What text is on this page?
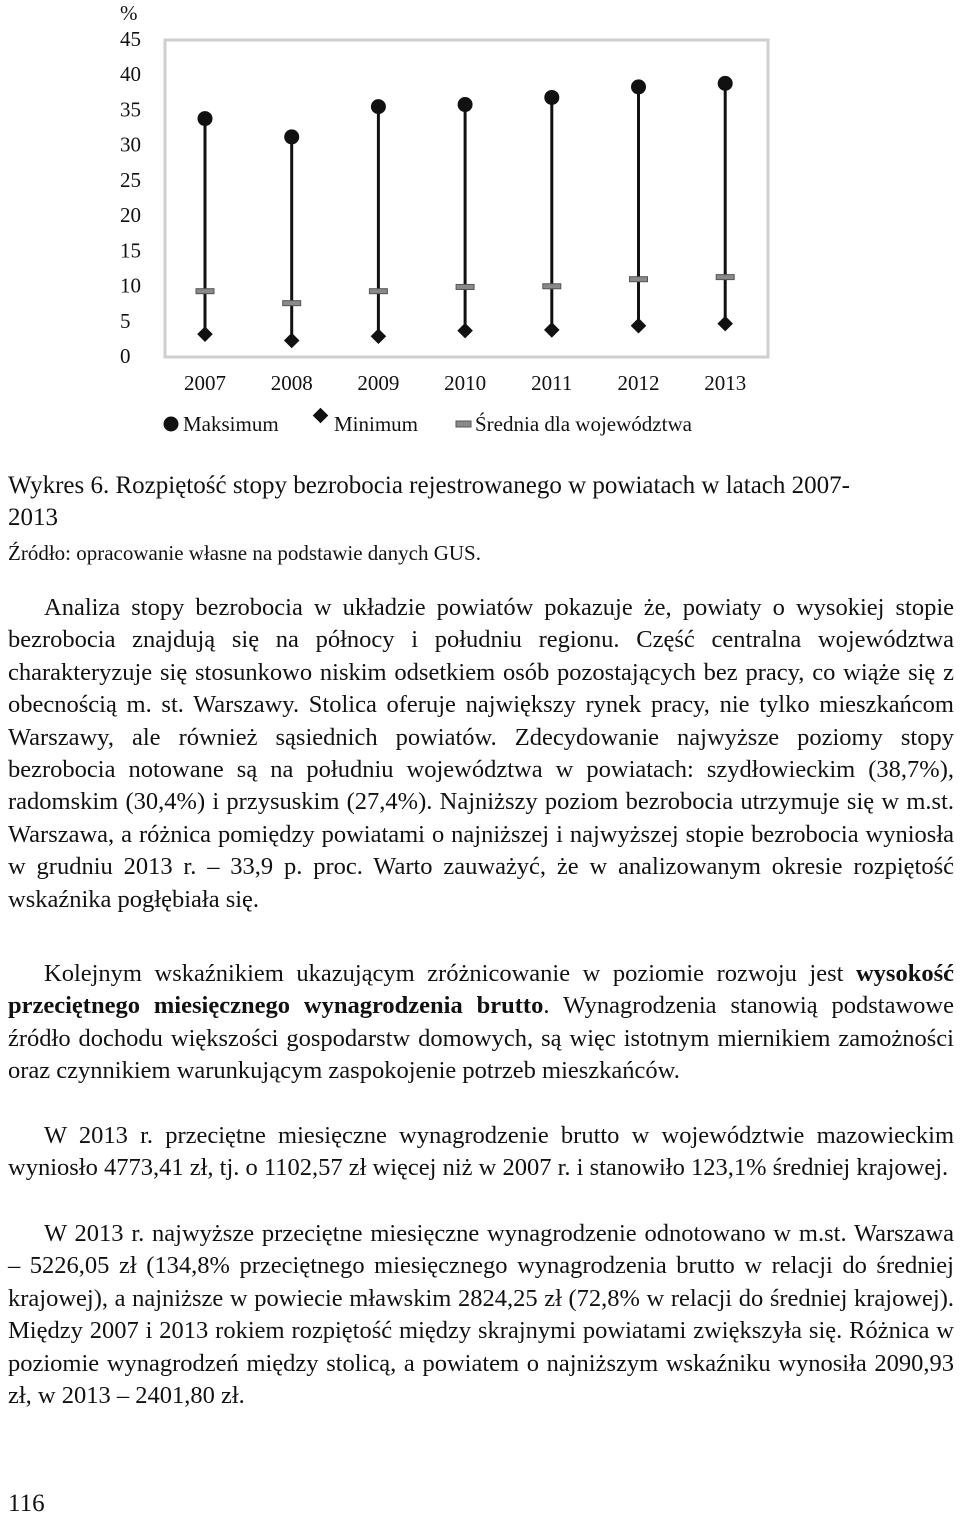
%
0
5
10
15
20
25
30
35
40
45
2007 2008 2009 2010 2011 2012 2013
Maksimum	Minimum	Średnia dla województwa

Wykres 6. Rozpiętość stopy bezrobocia rejestrowanego w powiatach w latach 2007-
2013

Źródło: opracowanie własne na podstawie danych GUS.

Analiza stopy bezrobocia w układzie powiatów pokazuje że, powiaty o wysokiej stopie bezrobocia znajdują się na północy i południu regionu. Część centralna województwa charakteryzuje się stosunkowo niskim odsetkiem osób pozostających bez pracy, co wiąże się z obecnością m. st. Warszawy. Stolica oferuje największy rynek pracy, nie tylko mieszkańcom Warszawy, ale również sąsiednich powiatów. Zdecydowanie najwyższe poziomy stopy bezrobocia notowane są na południu województwa w powiatach: szydłowieckim (38,7%), radomskim (30,4%) i przysuskim (27,4%). Najniższy poziom bezrobocia utrzymuje się w m.st. Warszawa, a różnica pomiędzy powiatami o najniższej i najwyższej stopie bezrobocia wyniosła w grudniu 2013 r. – 33,9 p. proc. Warto zauważyć, że w analizowanym okresie rozpiętość wskaźnika pogłębiała się.

Kolejnym wskaźnikiem ukazującym zróżnicowanie w poziomie rozwoju jest wysokość przeciętnego miesięcznego wynagrodzenia brutto. Wynagrodzenia stanowią podstawowe źródło dochodu większości gospodarstw domowych, są więc istotnym miernikiem zamożności oraz czynnikiem warunkującym zaspokojenie potrzeb mieszkańców.

W 2013 r. przeciętne miesięczne wynagrodzenie brutto w województwie mazowieckim wyniosło 4773,41 zł, tj. o 1102,57 zł więcej niż w 2007 r. i stanowiło 123,1% średniej krajowej.

W 2013 r. najwyższe przeciętne miesięczne wynagrodzenie odnotowano w m.st. Warszawa – 5226,05 zł (134,8% przeciętnego miesięcznego wynagrodzenia brutto w relacji do średniej krajowej), a najniższe w powiecie mławskim 2824,25 zł (72,8% w relacji do średniej krajowej). Między 2007 i 2013 rokiem rozpiętość między skrajnymi powiatami zwiększyła się. Różnica w poziomie wynagrodzeń między stolicą, a powiatem o najniższym wskaźniku wynosiła 2090,93 zł, w 2013 – 2401,80 zł.

116
